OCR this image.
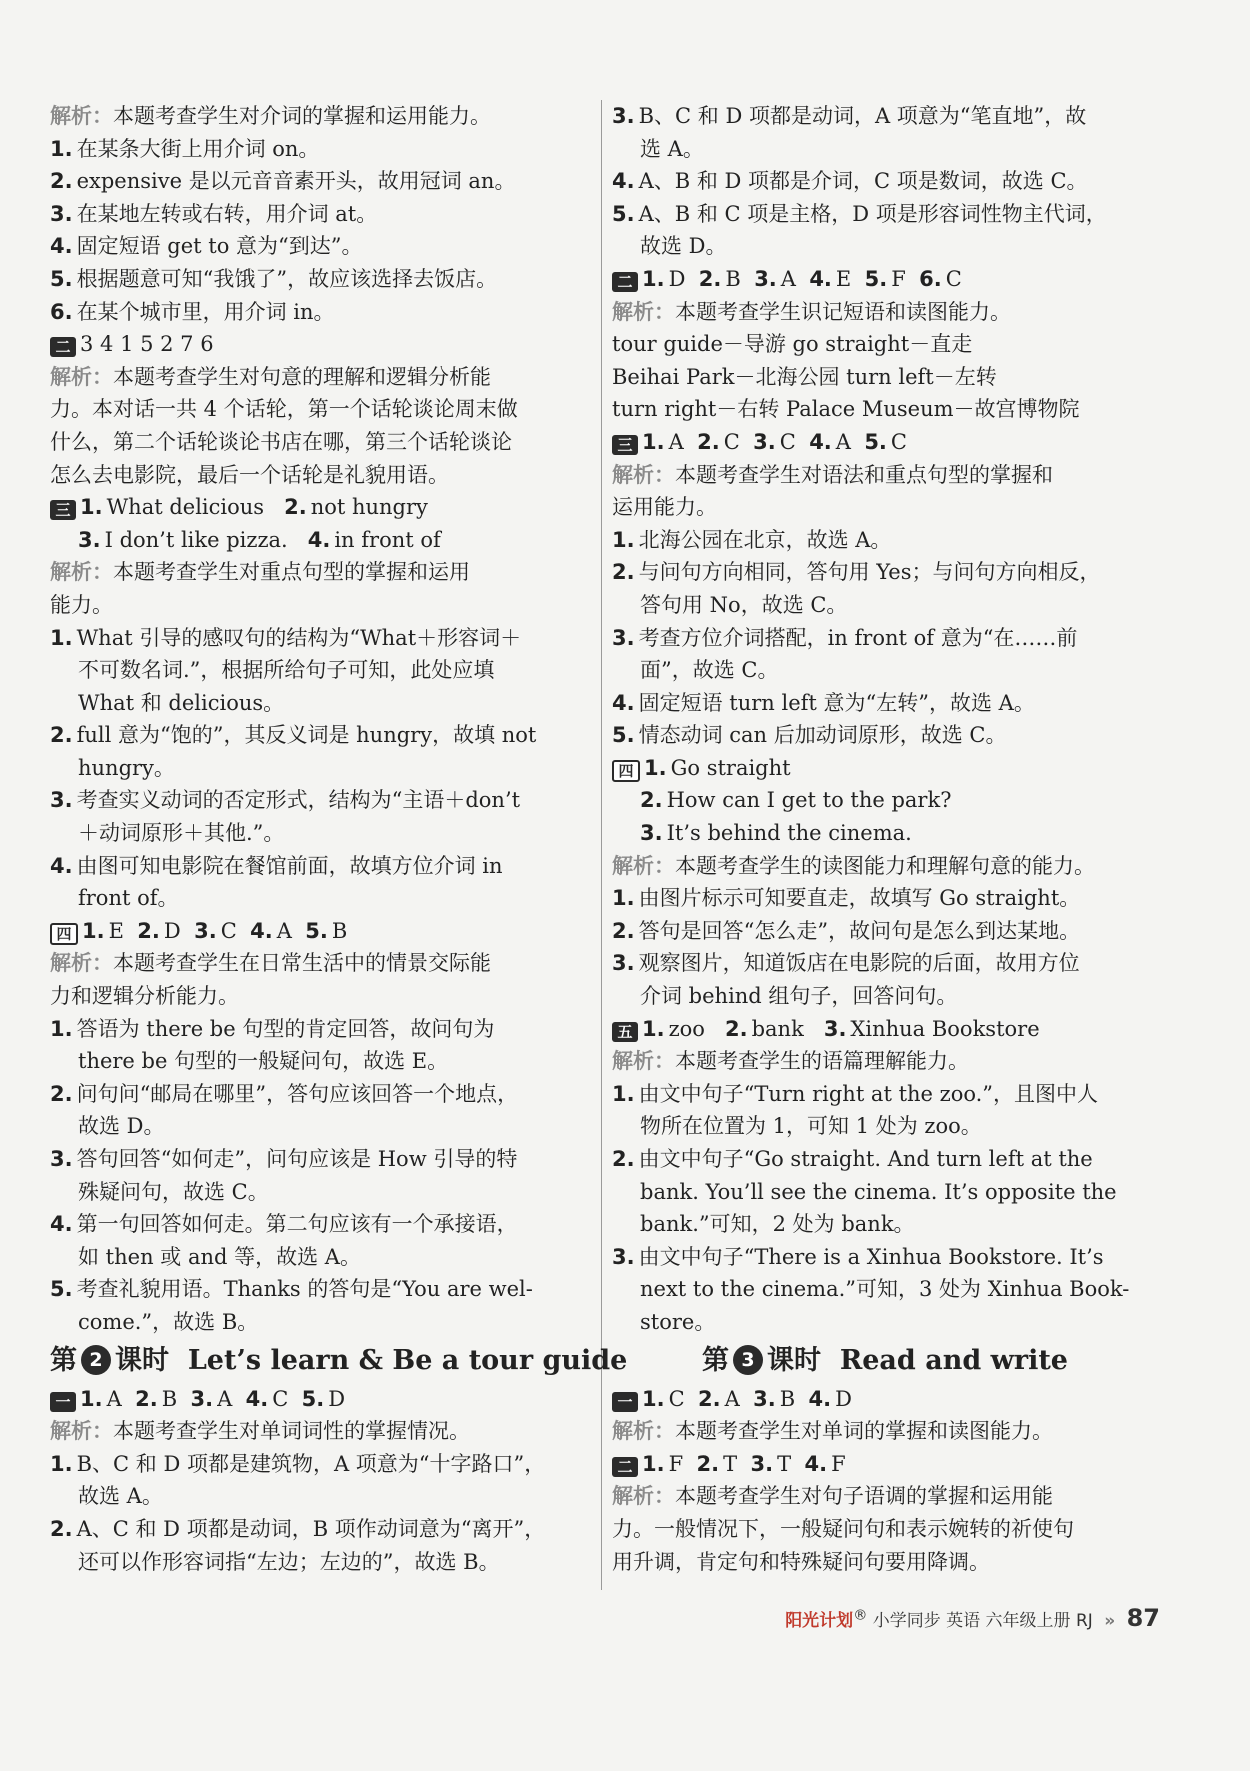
解析：本题考查学生对介词的掌握和运用能力。
1. 在某条大街上用介词 on。
2. expensive 是以元音音素开头，故用冠词 an。
3. 在某地左转或右转，用介词 at。
4. 固定短语 get to 意为“到达”。
5. 根据题意可知“我饿了”，故应该选择去饭店。
6. 在某个城市里，用介词 in。
二 3 4 1 5 2 7 6
解析：本题考查学生对句意的理解和逻辑分析能
力。本对话一共 4 个话轮，第一个话轮谈论周末做
什么，第二个话轮谈论书店在哪，第三个话轮谈论
怎么去电影院，最后一个话轮是礼貌用语。
三 1. What delicious 2. not hungry
3. I don’t like pizza. 4. in front of
解析：本题考查学生对重点句型的掌握和运用
能力。
1. What 引导的感叹句的结构为“What＋形容词＋
不可数名词.”，根据所给句子可知，此处应填
What 和 delicious。
2. full 意为“饱的”，其反义词是 hungry，故填 not
hungry。
3. 考查实义动词的否定形式，结构为“主语＋don’t
＋动词原形＋其他.”。
4. 由图可知电影院在餐馆前面，故填方位介词 in
front of。
四 1. E 2. D 3. C 4. A 5. B
解析：本题考查学生在日常生活中的情景交际能
力和逻辑分析能力。
1. 答语为 there be 句型的肯定回答，故问句为
there be 句型的一般疑问句，故选 E。
2. 问句问“邮局在哪里”，答句应该回答一个地点，
故选 D。
3. 答句回答“如何走”，问句应该是 How 引导的特
殊疑问句，故选 C。
4. 第一句回答如何走。第二句应该有一个承接语，
如 then 或 and 等，故选 A。
5. 考查礼貌用语。Thanks 的答句是“You are wel-
come.”，故选 B。
第 2 课时 Let’s learn & Be a tour guide
一 1. A 2. B 3. A 4. C 5. D
解析：本题考查学生对单词词性的掌握情况。
1. B、C 和 D 项都是建筑物，A 项意为“十字路口”，
故选 A。
2. A、C 和 D 项都是动词，B 项作动词意为“离开”，
还可以作形容词指“左边；左边的”，故选 B。
3. B、C 和 D 项都是动词，A 项意为“笔直地”，故
选 A。
4. A、B 和 D 项都是介词，C 项是数词，故选 C。
5. A、B 和 C 项是主格，D 项是形容词性物主代词，
故选 D。
二 1. D 2. B 3. A 4. E 5. F 6. C
解析：本题考查学生识记短语和读图能力。
tour guide－导游 go straight－直走
Beihai Park－北海公园 turn left－左转
turn right－右转 Palace Museum－故宫博物院
三 1. A 2. C 3. C 4. A 5. C
解析：本题考查学生对语法和重点句型的掌握和
运用能力。
1. 北海公园在北京，故选 A。
2. 与问句方向相同，答句用 Yes；与问句方向相反，
答句用 No，故选 C。
3. 考查方位介词搭配，in front of 意为“在……前
面”，故选 C。
4. 固定短语 turn left 意为“左转”，故选 A。
5. 情态动词 can 后加动词原形，故选 C。
四 1. Go straight
2. How can I get to the park?
3. It’s behind the cinema.
解析：本题考查学生的读图能力和理解句意的能力。
1. 由图片标示可知要直走，故填写 Go straight。
2. 答句是回答“怎么走”，故问句是怎么到达某地。
3. 观察图片，知道饭店在电影院的后面，故用方位
介词 behind 组句子，回答问句。
五 1. zoo 2. bank 3. Xinhua Bookstore
解析：本题考查学生的语篇理解能力。
1. 由文中句子“Turn right at the zoo.”，且图中人
物所在位置为 1，可知 1 处为 zoo。
2. 由文中句子“Go straight. And turn left at the
bank. You’ll see the cinema. It’s opposite the
bank.”可知，2 处为 bank。
3. 由文中句子“There is a Xinhua Bookstore. It’s
next to the cinema.”可知，3 处为 Xinhua Book-
store。
第 3 课时 Read and write
一 1. C 2. A 3. B 4. D
解析：本题考查学生对单词的掌握和读图能力。
二 1. F 2. T 3. T 4. F
解析：本题考查学生对句子语调的掌握和运用能
力。一般情况下，一般疑问句和表示婉转的祈使句
用升调，肯定句和特殊疑问句要用降调。
阳光计划® 小学同步 英语 六年级上册 RJ » 87
